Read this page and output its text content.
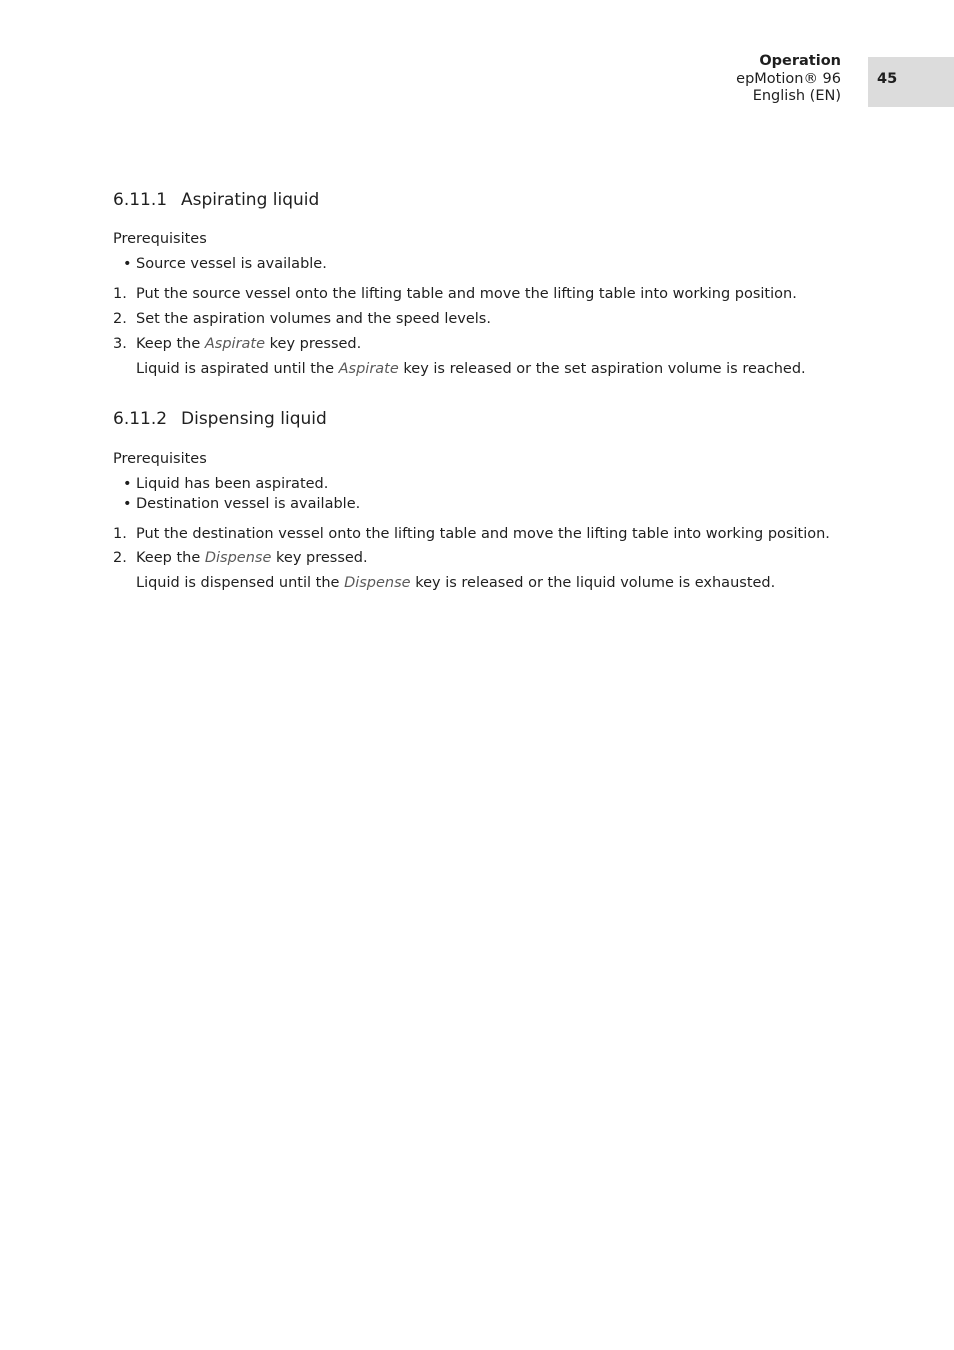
Operation
epMotion® 96
English (EN)
45
6.11.1 Aspirating liquid
Prerequisites
• Source vessel is available.
1. Put the source vessel onto the lifting table and move the lifting table into working position.
2. Set the aspiration volumes and the speed levels.
3. Keep the Aspirate key pressed.
Liquid is aspirated until the Aspirate key is released or the set aspiration volume is reached.
6.11.2 Dispensing liquid
Prerequisites
• Liquid has been aspirated.
• Destination vessel is available.
1. Put the destination vessel onto the lifting table and move the lifting table into working position.
2. Keep the Dispense key pressed.
Liquid is dispensed until the Dispense key is released or the liquid volume is exhausted.
